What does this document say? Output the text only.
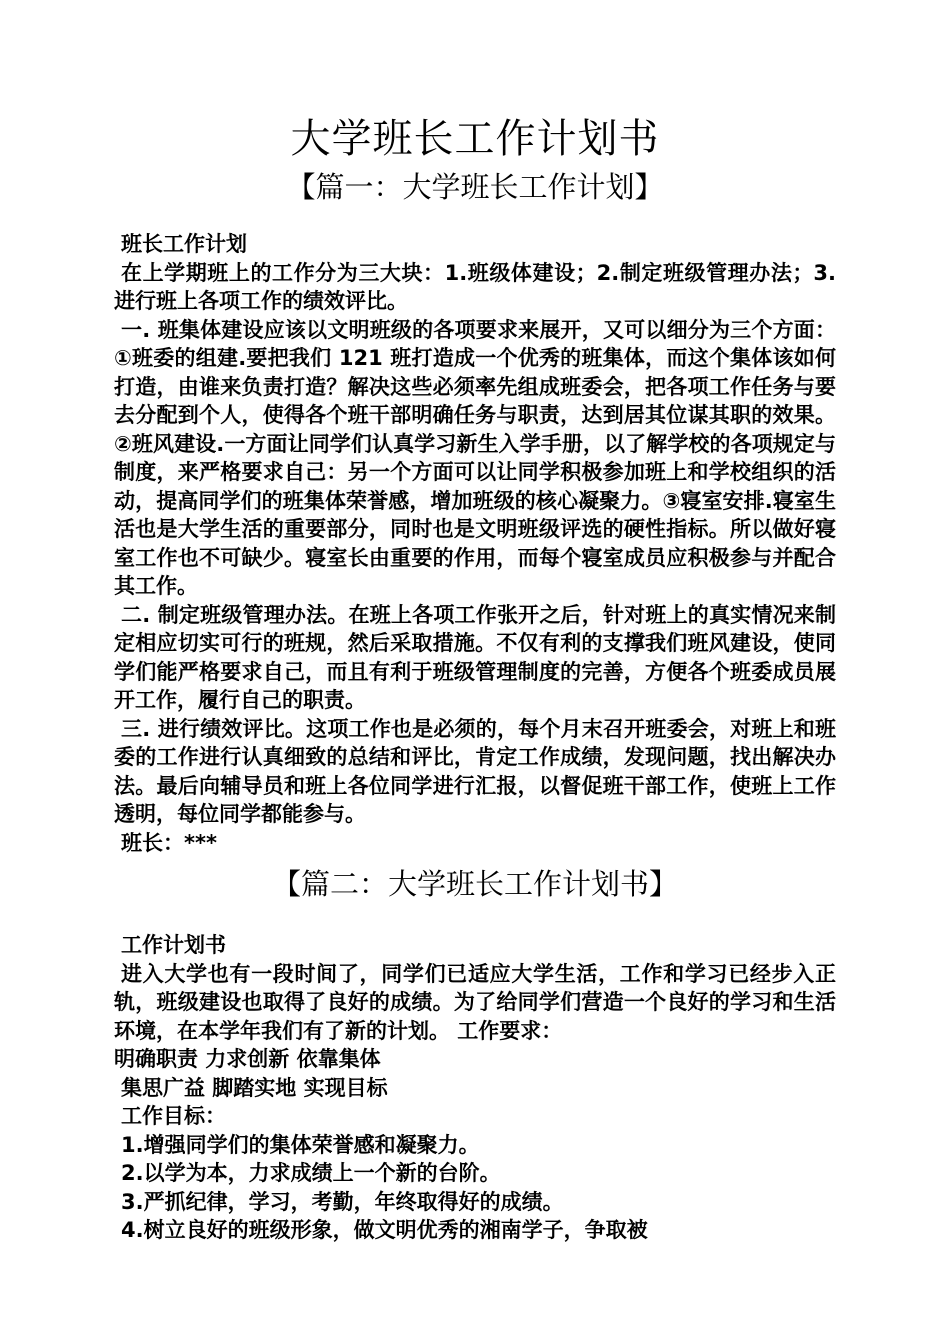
大学班长工作计划书
【篇一：大学班长工作计划】

班长工作计划

在上学期班上的工作分为三大块：1.班级体建设；2.制定班级管理办法；3.进行班上各项工作的绩效评比。

一. 班集体建设应该以文明班级的各项要求来展开，又可以细分为三个方面：①班委的组建.要把我们 121 班打造成一个优秀的班集体，而这个集体该如何打造，由谁来负责打造？解决这些必须率先组成班委会，把各项工作任务与要去分配到个人，使得各个班干部明确任务与职责，达到居其位谋其职的效果。②班风建设.一方面让同学们认真学习新生入学手册，以了解学校的各项规定与制度，来严格要求自己：另一个方面可以让同学积极参加班上和学校组织的活动，提高同学们的班集体荣誉感，增加班级的核心凝聚力。③寝室安排.寝室生活也是大学生活的重要部分，同时也是文明班级评选的硬性指标。所以做好寝室工作也不可缺少。寝室长由重要的作用，而每个寝室成员应积极参与并配合其工作。

二. 制定班级管理办法。在班上各项工作张开之后，针对班上的真实情况来制定相应切实可行的班规，然后采取措施。不仅有利的支撑我们班风建设，使同学们能严格要求自己，而且有利于班级管理制度的完善，方便各个班委成员展开工作，履行自己的职责。

三. 进行绩效评比。这项工作也是必须的，每个月末召开班委会，对班上和班委的工作进行认真细致的总结和评比，肯定工作成绩，发现问题，找出解决办法。最后向辅导员和班上各位同学进行汇报，以督促班干部工作，使班上工作透明，每位同学都能参与。

班长：***

【篇二：大学班长工作计划书】

工作计划书

进入大学也有一段时间了，同学们已适应大学生活，工作和学习已经步入正轨，班级建设也取得了良好的成绩。为了给同学们营造一个良好的学习和生活环境，在本学年我们有了新的计划。 工作要求：

明确职责 力求创新 依靠集体

集思广益 脚踏实地 实现目标

工作目标：

1.增强同学们的集体荣誉感和凝聚力。

2.以学为本，力求成绩上一个新的台阶。

3.严抓纪律，学习，考勤，年终取得好的成绩。

4.树立良好的班级形象，做文明优秀的湘南学子，争取被
